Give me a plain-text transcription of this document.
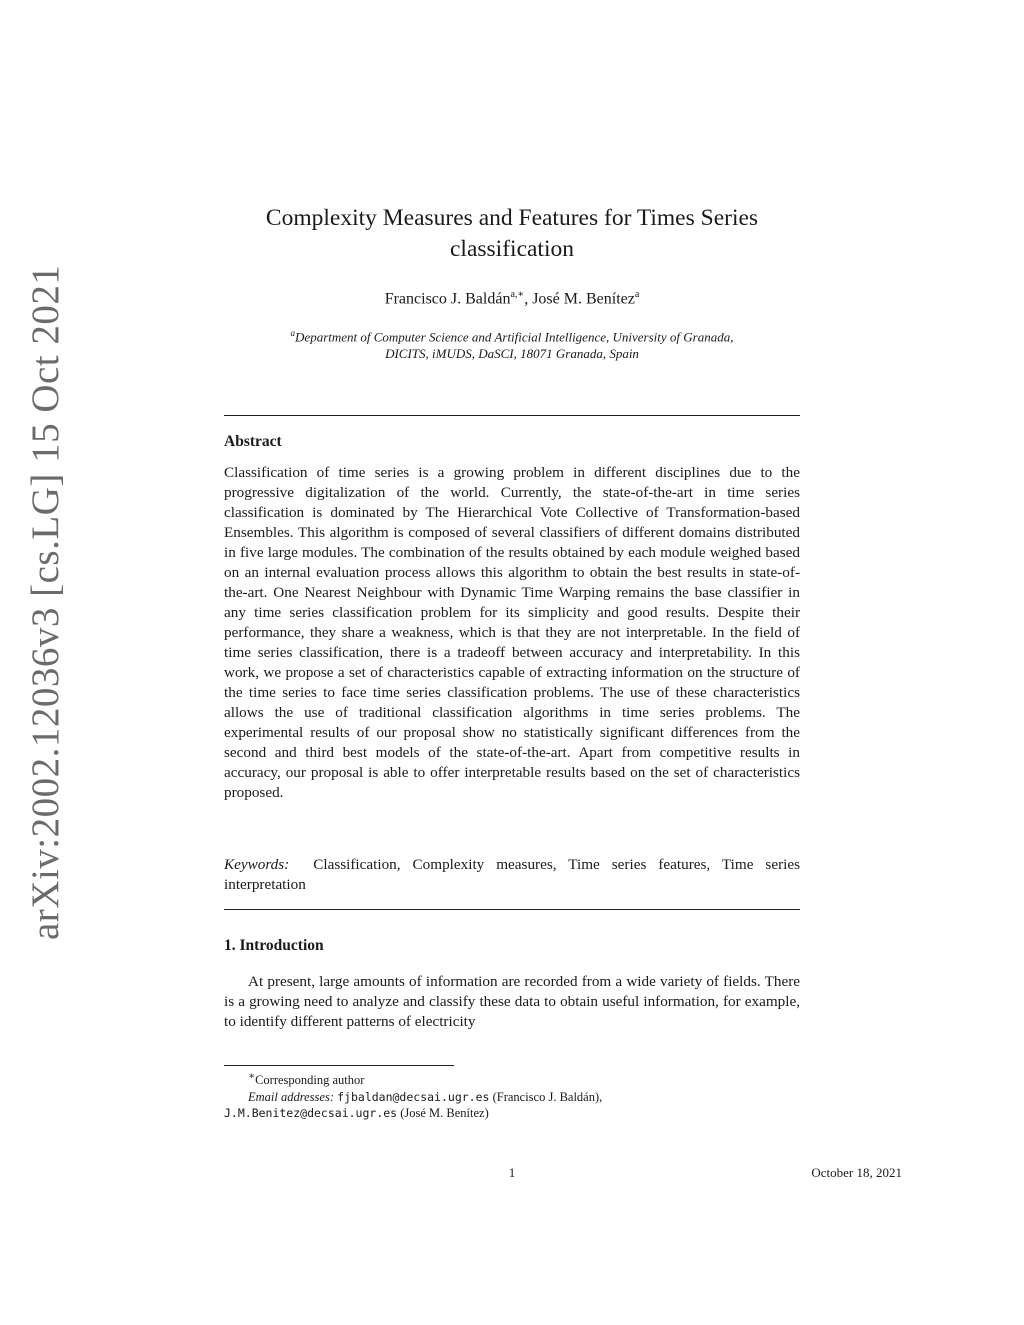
arXiv:2002.12036v3 [cs.LG] 15 Oct 2021
Complexity Measures and Features for Times Series classification
Francisco J. Baldán$^{a,∗}$, José M. Benítez$^a$
$^a$Department of Computer Science and Artificial Intelligence, University of Granada,
DICITS, iMUDS, DaSCI, 18071 Granada, Spain
Abstract

Classification of time series is a growing problem in different disciplines due to the progressive digitalization of the world. Currently, the state-of-the-art in time series classification is dominated by The Hierarchical Vote Collective of Transformation-based Ensembles. This algorithm is composed of several classifiers of different domains distributed in five large modules. The combination of the results obtained by each module weighed based on an internal evaluation process allows this algorithm to obtain the best results in state-of-the-art. One Nearest Neighbour with Dynamic Time Warping remains the base classifier in any time series classification problem for its simplicity and good results. Despite their performance, they share a weakness, which is that they are not interpretable. In the field of time series classification, there is a tradeoff between accuracy and interpretability. In this work, we propose a set of characteristics capable of extracting information on the structure of the time series to face time series classification problems. The use of these characteristics allows the use of traditional classification algorithms in time series problems. The experimental results of our proposal show no statistically significant differences from the second and third best models of the state-of-the-art. Apart from competitive results in accuracy, our proposal is able to offer interpretable results based on the set of characteristics proposed.

Keywords: Classification, Complexity measures, Time series features, Time series interpretation

1. Introduction

At present, large amounts of information are recorded from a wide variety of fields. There is a growing need to analyze and classify these data to obtain useful information, for example, to identify different patterns of electricity

∗Corresponding author
Email addresses: fjbaldan@decsai.ugr.es (Francisco J. Baldán),
J.M.Benitez@decsai.ugr.es (José M. Benítez)
1	October 18, 2021
